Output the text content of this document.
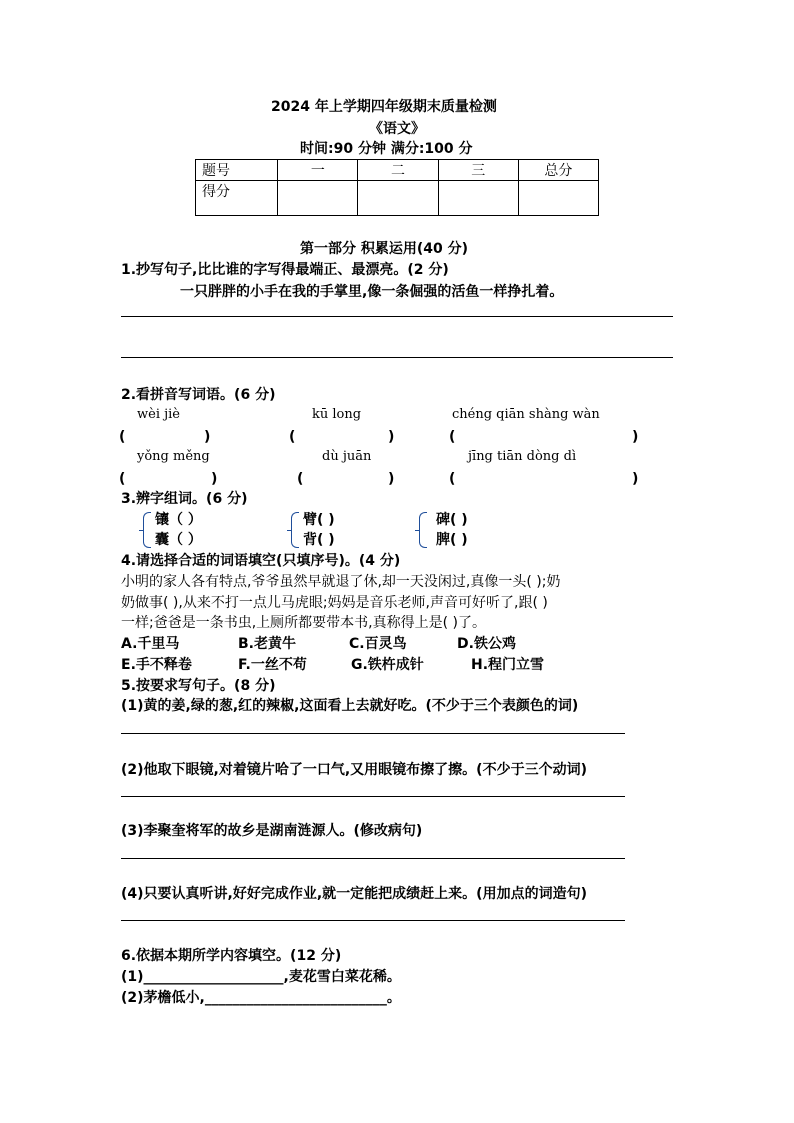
2024 年上学期四年级期末质量检测
《语文》
时间:90 分钟 满分:100 分
题号	一	二	三	总分
得分				
第一部分 积累运用(40 分)
1.抄写句子,比比谁的字写得最端正、最漂亮。(2 分)
一只胖胖的小手在我的手掌里,像一条倔强的活鱼一样挣扎着。
2.看拼音写词语。(6 分)
wèi jiè	kū long	chéng qiān shàng wàn
(	)	(	)	(	)
yǒng měng	dù juān	jīng tiān dòng dì
(	)	(	)	(	)
3.辨字组词。(6 分)
镶（ ）
囊（ ）
臂( )
背( )
碑( )
脾( )
4.请选择合适的词语填空(只填序号)。(4 分)
小明的家人各有特点,爷爷虽然早就退了休,却一天没闲过,真像一头( );奶
奶做事( ),从来不打一点儿马虎眼;妈妈是音乐老师,声音可好听了,跟( )
一样;爸爸是一条书虫,上厕所都要带本书,真称得上是( )了。
A.千里马	B.老黄牛	C.百灵鸟	D.铁公鸡
E.手不释卷	F.一丝不苟	G.铁杵成针	H.程门立雪
5.按要求写句子。(8 分)
(1)黄的姜,绿的葱,红的辣椒,这面看上去就好吃。(不少于三个表颜色的词)
(2)他取下眼镜,对着镜片哈了一口气,又用眼镜布擦了擦。(不少于三个动词)
(3)李聚奎将军的故乡是湖南涟源人。(修改病句)
(4)只要认真听讲,好好完成作业,就一定能把成绩赶上来。(用加点的词造句)
6.依据本期所学内容填空。(12 分)
(1)____________________,麦花雪白菜花稀。
(2)茅檐低小,__________________________。
